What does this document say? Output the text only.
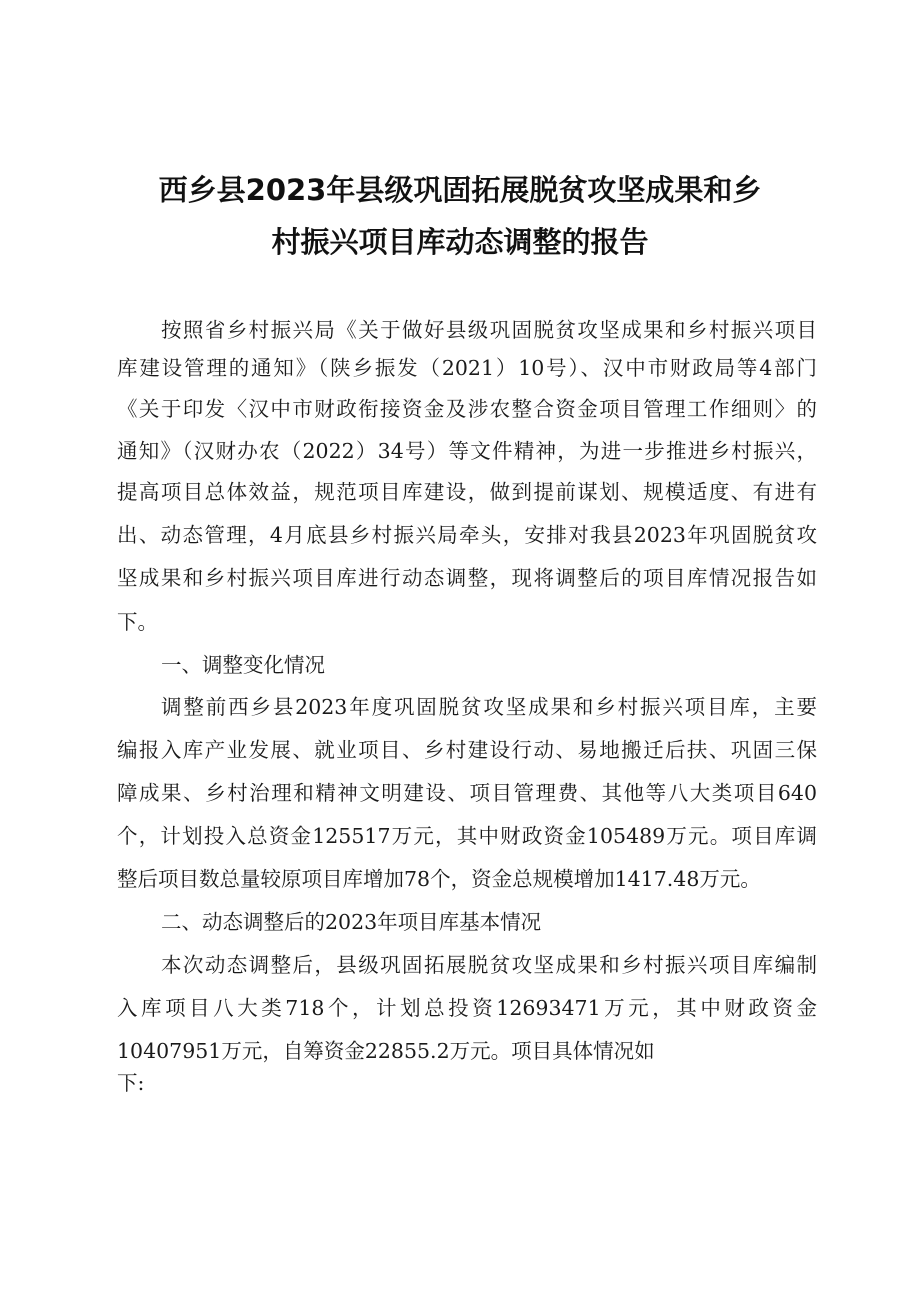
西乡县2023年县级巩固拓展脱贫攻坚成果和乡
村振兴项目库动态调整的报告
按照省乡村振兴局《关于做好县级巩固脱贫攻坚成果和乡村振兴项目
库建设管理的通知》（陕乡振发（2021）10号）、汉中市财政局等4部门
《关于印发〈汉中市财政衔接资金及涉农整合资金项目管理工作细则〉的
通知》（汉财办农（2022）34号）等文件精神，为进一步推进乡村振兴，
提高项目总体效益，规范项目库建设，做到提前谋划、规模适度、有进有
出、动态管理，4月底县乡村振兴局牵头，安排对我县2023年巩固脱贫攻
坚成果和乡村振兴项目库进行动态调整，现将调整后的项目库情况报告如
下。
一、调整变化情况
调整前西乡县2023年度巩固脱贫攻坚成果和乡村振兴项目库，主要
编报入库产业发展、就业项目、乡村建设行动、易地搬迁后扶、巩固三保
障成果、乡村治理和精神文明建设、项目管理费、其他等八大类项目640
个，计划投入总资金125517万元，其中财政资金105489万元。项目库调
整后项目数总量较原项目库增加78个，资金总规模增加1417.48万元。
二、动态调整后的2023年项目库基本情况
本次动态调整后，县级巩固拓展脱贫攻坚成果和乡村振兴项目库编制
入库项目八大类718个，计划总投资12693471万元，其中财政资金
10407951万元，自筹资金22855.2万元。项目具体情况如
下:
